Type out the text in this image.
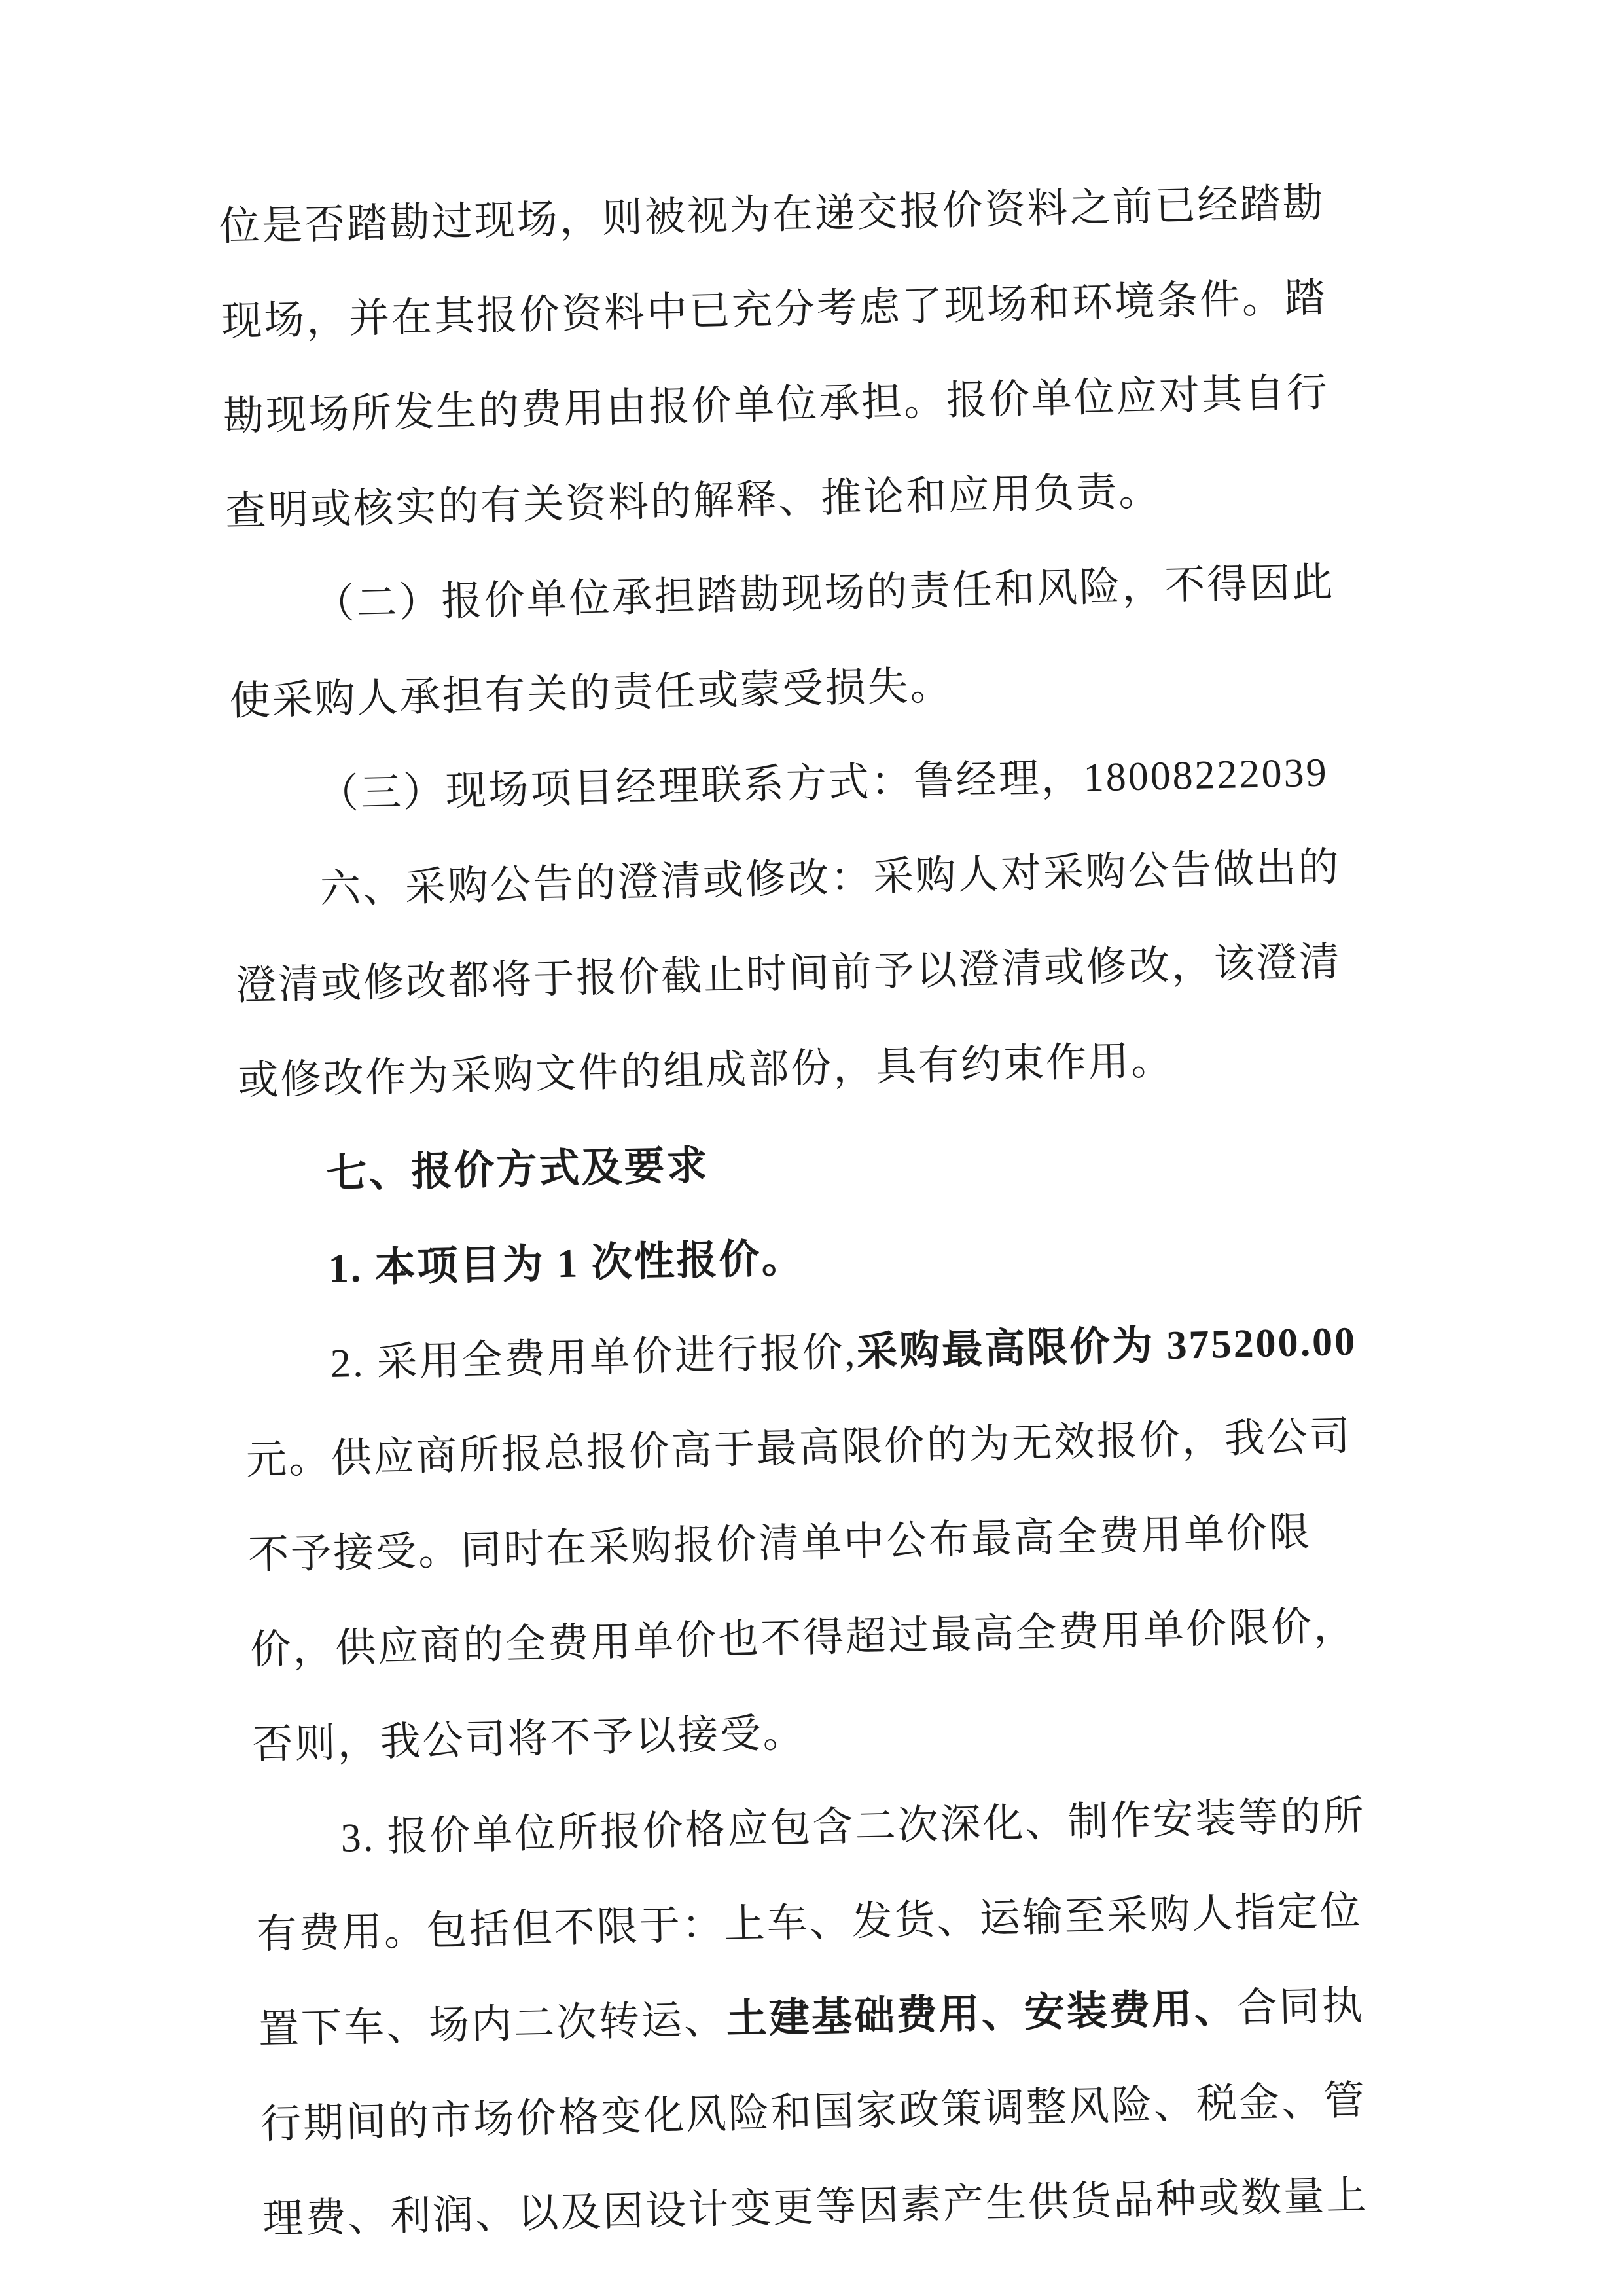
位是否踏勘过现场，则被视为在递交报价资料之前已经踏勘
现场，并在其报价资料中已充分考虑了现场和环境条件。踏
勘现场所发生的费用由报价单位承担。报价单位应对其自行
查明或核实的有关资料的解释、推论和应用负责。
（二）报价单位承担踏勘现场的责任和风险，不得因此
使采购人承担有关的责任或蒙受损失。
（三）现场项目经理联系方式：鲁经理，18008222039
六、采购公告的澄清或修改：采购人对采购公告做出的
澄清或修改都将于报价截止时间前予以澄清或修改，该澄清
或修改作为采购文件的组成部份，具有约束作用。
七、报价方式及要求
1. 本项目为 1 次性报价。
2. 采用全费用单价进行报价,采购最高限价为 375200.00
元。供应商所报总报价高于最高限价的为无效报价，我公司
不予接受。同时在采购报价清单中公布最高全费用单价限
价，供应商的全费用单价也不得超过最高全费用单价限价，
否则，我公司将不予以接受。
3. 报价单位所报价格应包含二次深化、制作安装等的所
有费用。包括但不限于：上车、发货、运输至采购人指定位
置下车、场内二次转运、土建基础费用、安装费用、合同执
行期间的市场价格变化风险和国家政策调整风险、税金、管
理费、利润、以及因设计变更等因素产生供货品种或数量上
